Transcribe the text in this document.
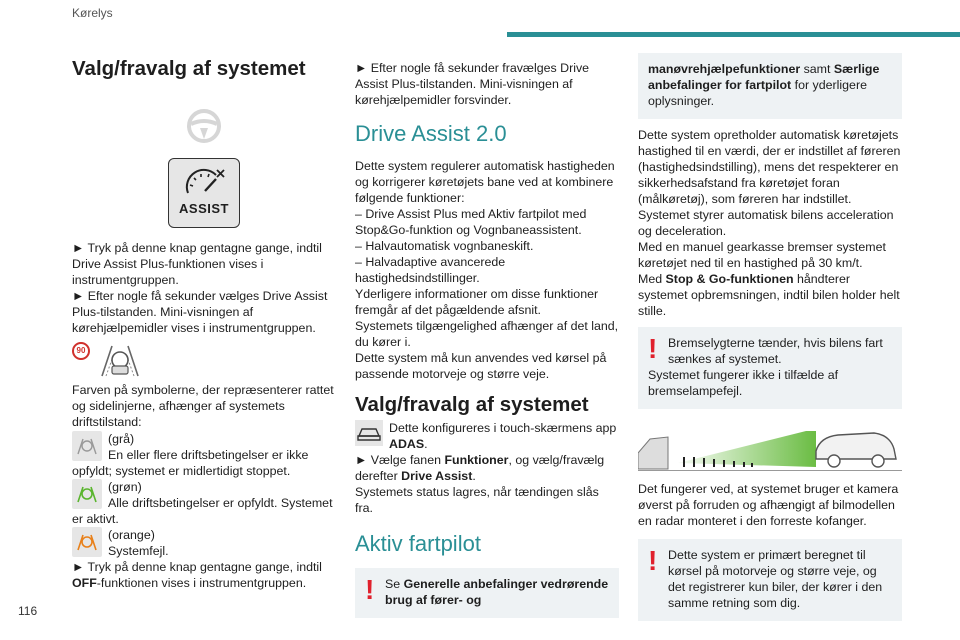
Kørelys
116
Valg/fravalg af systemet
ASSIST

► Tryk på denne knap gentagne gange, indtil Drive Assist Plus-funktionen vises i instrumentgruppen.

► Efter nogle få sekunder vælges Drive Assist Plus-tilstanden. Mini-visningen af kørehjælpemidler vises i instrumentgruppen.

90

Farven på symbolerne, der repræsenterer rattet og sidelinjerne, afhænger af systemets driftstilstand:

(grå)

En eller flere driftsbetingelser er ikke opfyldt; systemet er midlertidigt stoppet.

(grøn)

Alle driftsbetingelser er opfyldt. Systemet er aktivt.

(orange)

Systemfejl.

► Tryk på denne knap gentagne gange, indtil OFF-funktionen vises i instrumentgruppen.

► Efter nogle få sekunder fravælges Drive Assist Plus-tilstanden. Mini-visningen af kørehjælpemidler forsvinder.

Drive Assist 2.0

Dette system regulerer automatisk hastigheden og korrigerer køretøjets bane ved at kombinere følgende funktioner:

– Drive Assist Plus med Aktiv fartpilot med Stop&Go-funktion og Vognbaneassistent.

– Halvautomatisk vognbaneskift.

– Halvadaptive avancerede hastighedsindstillinger.

Yderligere informationer om disse funktioner fremgår af det pågældende afsnit.

Systemets tilgængelighed afhænger af det land, du kører i.

Dette system må kun anvendes ved kørsel på passende motorveje og større veje.

Valg/fravalg af systemet

Dette konfigureres i touch-skærmens app ADAS.

► Vælge fanen Funktioner, og vælg/fravælg derefter Drive Assist.

Systemets status lagres, når tændingen slås fra.

Aktiv fartpilot
! Se Generelle anbefalinger vedrørende brug af fører- og

manøvrehjælpefunktioner samt Særlige anbefalinger for fartpilot for yderligere oplysninger.

Dette system opretholder automatisk køretøjets hastighed til en værdi, der er indstillet af føreren (hastighedsindstilling), mens det respekterer en sikkerhedsafstand fra køretøjet foran (målkøretøj), som føreren har indstillet.

Systemet styrer automatisk bilens acceleration og deceleration.

Med en manuel gearkasse bremser systemet køretøjet ned til en hastighed på 30 km/t.

Med Stop & Go-funktionen håndterer systemet opbremsningen, indtil bilen holder helt stille.

! Bremselygterne tænder, hvis bilens fart sænkes af systemet.

Systemet fungerer ikke i tilfælde af bremselampefejl.

Det fungerer ved, at systemet bruger et kamera øverst på forruden og afhængigt af bilmodellen en radar monteret i den forreste kofanger.

! Dette system er primært beregnet til kørsel på motorveje og større veje, og det registrerer kun biler, der kører i den samme retning som dig.
